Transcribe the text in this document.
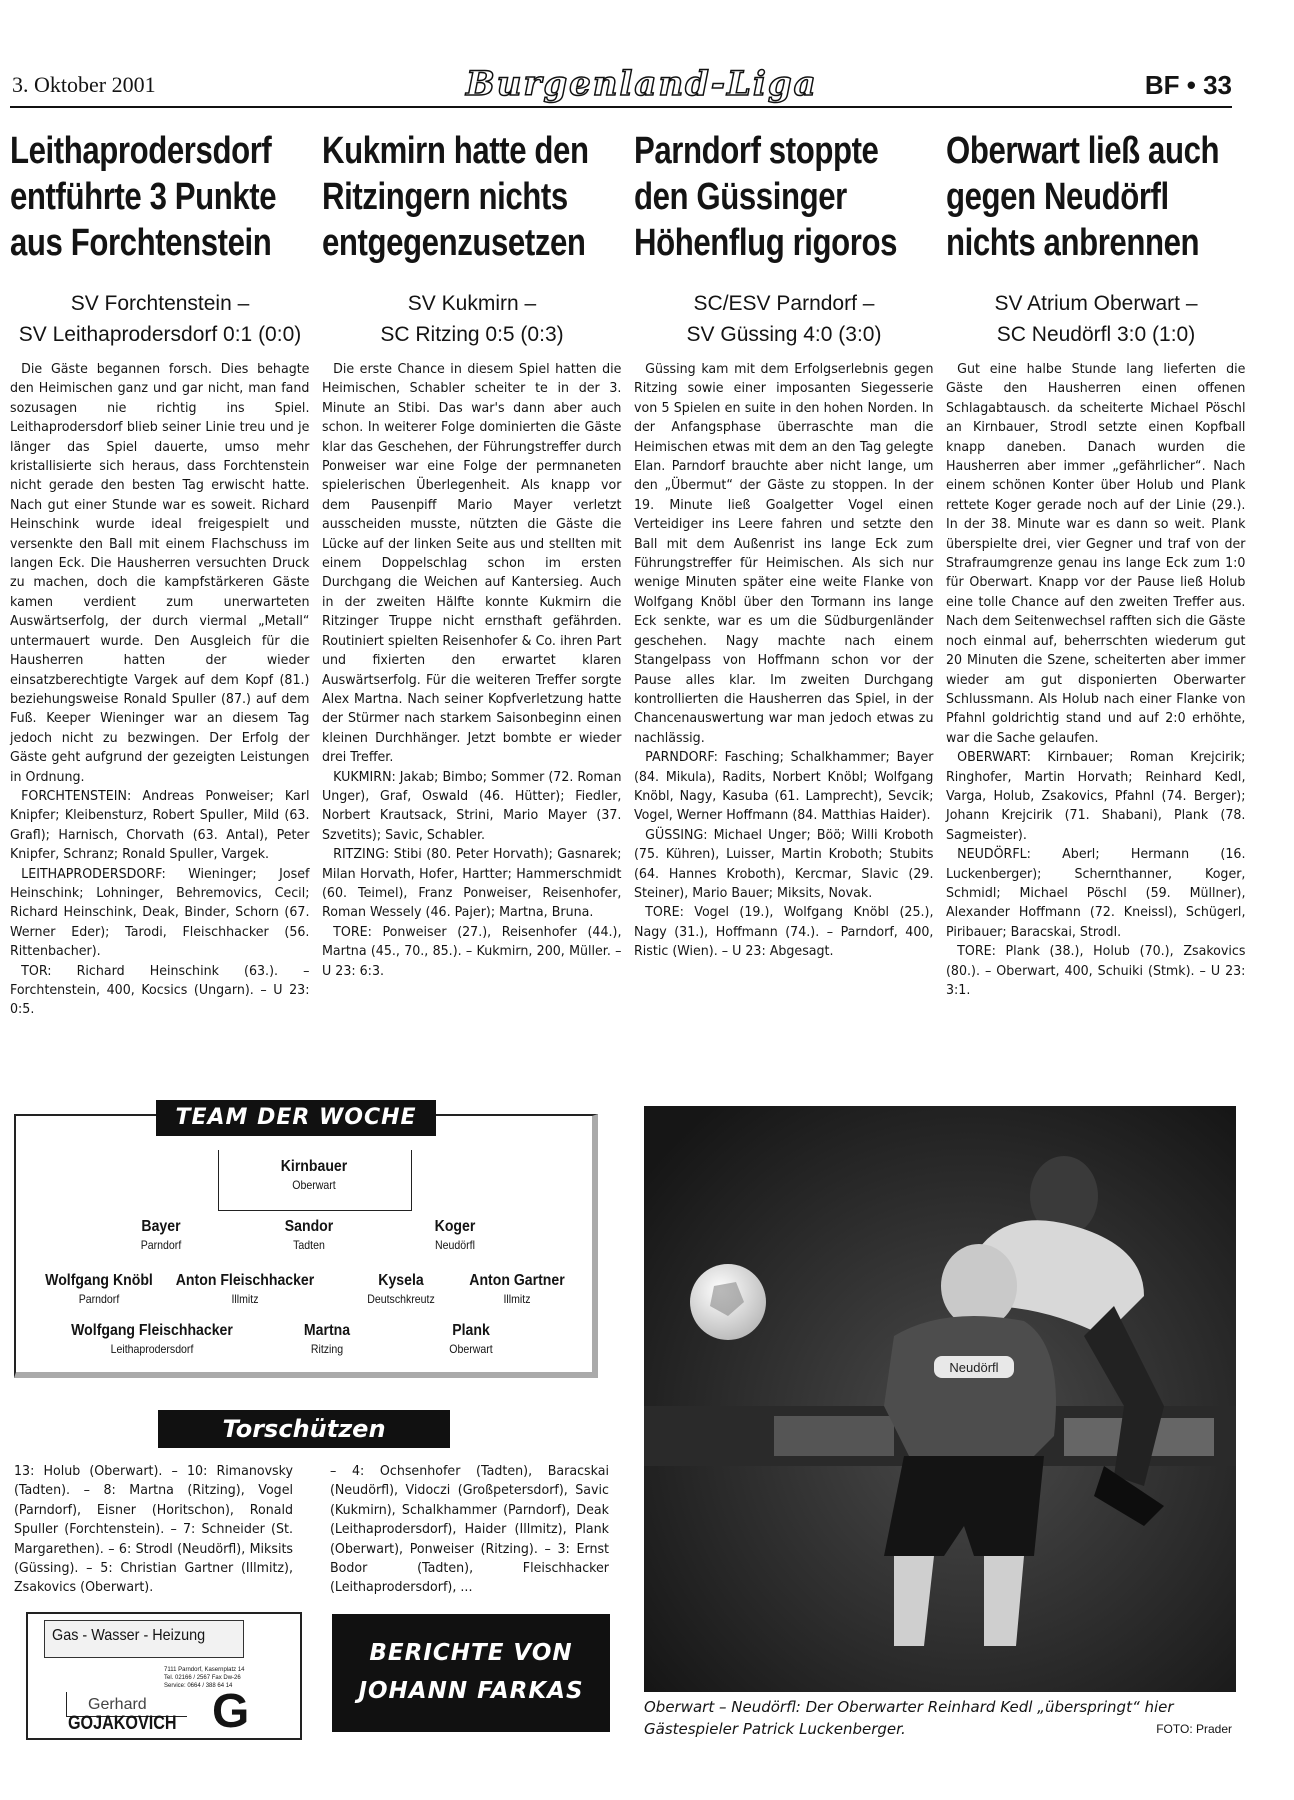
3. Oktober 2001	Burgenland-Liga	BF • 33
Leithaprodersdorf entführte 3 Punkte aus Forchtenstein
SV Forchtenstein –
SV Leithaprodersdorf 0:1 (0:0)

Die Gäste begannen forsch. Dies behagte den Heimischen ganz und gar nicht, man fand sozusagen nie richtig ins Spiel. Leithaprodersdorf blieb seiner Linie treu und je länger das Spiel dauerte, umso mehr kristallisierte sich heraus, dass Forchtenstein nicht gerade den besten Tag erwischt hatte. Nach gut einer Stunde war es soweit. Richard Heinschink wurde ideal freigespielt und versenkte den Ball mit einem Flachschuss im langen Eck. Die Hausherren versuchten Druck zu machen, doch die kampfstärkeren Gäste kamen verdient zum unerwarteten Auswärtserfolg, der durch viermal „Metall“ untermauert wurde. Den Ausgleich für die Hausherren hatten der wieder einsatzberechtigte Vargek auf dem Kopf (81.) beziehungsweise Ronald Spuller (87.) auf dem Fuß. Keeper Wieninger war an diesem Tag jedoch nicht zu bezwingen. Der Erfolg der Gäste geht aufgrund der gezeigten Leistungen in Ordnung.

FORCHTENSTEIN: Andreas Ponweiser; Karl Knipfer; Kleibensturz, Robert Spuller, Mild (63. Grafl); Harnisch, Chorvath (63. Antal), Peter Knipfer, Schranz; Ronald Spuller, Vargek.

LEITHAPRODERSDORF: Wieninger; Josef Heinschink; Lohninger, Behremovics, Cecil; Richard Heinschink, Deak, Binder, Schorn (67. Werner Eder); Tarodi, Fleischhacker (56. Rittenbacher).

TOR: Richard Heinschink (63.). – Forchtenstein, 400, Kocsics (Ungarn). – U 23: 0:5.

Kukmirn hatte den Ritzingern nichts entgegenzusetzen
SV Kukmirn –
SC Ritzing 0:5 (0:3)

Die erste Chance in diesem Spiel hatten die Heimischen, Schabler scheiter te in der 3. Minute an Stibi. Das war's dann aber auch schon. In weiterer Folge dominierten die Gäste klar das Geschehen, der Führungstreffer durch Ponweiser war eine Folge der permnaneten spielerischen Überlegenheit. Als knapp vor dem Pausenpiff Mario Mayer verletzt ausscheiden musste, nützten die Gäste die Lücke auf der linken Seite aus und stellten mit einem Doppelschlag schon im ersten Durchgang die Weichen auf Kantersieg. Auch in der zweiten Hälfte konnte Kukmirn die Ritzinger Truppe nicht ernsthaft gefährden. Routiniert spielten Reisenhofer & Co. ihren Part und fixierten den erwartet klaren Auswärtserfolg. Für die weiteren Treffer sorgte Alex Martna. Nach seiner Kopfverletzung hatte der Stürmer nach starkem Saisonbeginn einen kleinen Durchhänger. Jetzt bombte er wieder drei Treffer.

KUKMIRN: Jakab; Bimbo; Sommer (72. Roman Unger), Graf, Oswald (46. Hütter); Fiedler, Norbert Krautsack, Strini, Mario Mayer (37. Szvetits); Savic, Schabler.

RITZING: Stibi (80. Peter Horvath); Gasnarek; Milan Horvath, Hofer, Hartter; Hammerschmidt (60. Teimel), Franz Ponweiser, Reisenhofer, Roman Wessely (46. Pajer); Martna, Bruna.

TORE: Ponweiser (27.), Reisenhofer (44.), Martna (45., 70., 85.). – Kukmirn, 200, Müller. – U 23: 6:3.

Parndorf stoppte den Güssinger Höhenflug rigoros
SC/ESV Parndorf –
SV Güssing 4:0 (3:0)

Güssing kam mit dem Erfolgserlebnis gegen Ritzing sowie einer imposanten Siegesserie von 5 Spielen en suite in den hohen Norden. In der Anfangsphase überraschte man die Heimischen etwas mit dem an den Tag gelegte Elan. Parndorf brauchte aber nicht lange, um den „Übermut“ der Gäste zu stoppen. In der 19. Minute ließ Goalgetter Vogel einen Verteidiger ins Leere fahren und setzte den Ball mit dem Außenrist ins lange Eck zum Führungstreffer für Heimischen. Als sich nur wenige Minuten später eine weite Flanke von Wolfgang Knöbl über den Tormann ins lange Eck senkte, war es um die Südburgenländer geschehen. Nagy machte nach einem Stangelpass von Hoffmann schon vor der Pause alles klar. Im zweiten Durchgang kontrollierten die Hausherren das Spiel, in der Chancenauswertung war man jedoch etwas zu nachlässig.

PARNDORF: Fasching; Schalkhammer; Bayer (84. Mikula), Radits, Norbert Knöbl; Wolfgang Knöbl, Nagy, Kasuba (61. Lamprecht), Sevcik; Vogel, Werner Hoffmann (84. Matthias Haider).

GÜSSING: Michael Unger; Böö; Willi Kroboth (75. Kühren), Luisser, Martin Kroboth; Stubits (64. Hannes Kroboth), Kercmar, Slavic (29. Steiner), Mario Bauer; Miksits, Novak.

TORE: Vogel (19.), Wolfgang Knöbl (25.), Nagy (31.), Hoffmann (74.). – Parndorf, 400, Ristic (Wien). – U 23: Abgesagt.

Oberwart ließ auch gegen Neudörfl nichts anbrennen
SV Atrium Oberwart –
SC Neudörfl 3:0 (1:0)

Gut eine halbe Stunde lang lieferten die Gäste den Hausherren einen offenen Schlagabtausch. da scheiterte Michael Pöschl an Kirnbauer, Strodl setzte einen Kopfball knapp daneben. Danach wurden die Hausherren aber immer „gefährlicher“. Nach einem schönen Konter über Holub und Plank rettete Koger gerade noch auf der Linie (29.). In der 38. Minute war es dann so weit. Plank überspielte drei, vier Gegner und traf von der Strafraumgrenze genau ins lange Eck zum 1:0 für Oberwart. Knapp vor der Pause ließ Holub eine tolle Chance auf den zweiten Treffer aus. Nach dem Seitenwechsel rafften sich die Gäste noch einmal auf, beherrschten wiederum gut 20 Minuten die Szene, scheiterten aber immer wieder am gut disponierten Oberwarter Schlussmann. Als Holub nach einer Flanke von Pfahnl goldrichtig stand und auf 2:0 erhöhte, war die Sache gelaufen.

OBERWART: Kirnbauer; Roman Krejcirik; Ringhofer, Martin Horvath; Reinhard Kedl, Varga, Holub, Zsakovics, Pfahnl (74. Berger); Johann Krejcirik (71. Shabani), Plank (78. Sagmeister).

NEUDÖRFL: Aberl; Hermann (16. Luckenberger); Schernthanner, Koger, Schmidl; Michael Pöschl (59. Müllner), Alexander Hoffmann (72. Kneissl), Schügerl, Piribauer; Baracskai, Strodl.

TORE: Plank (38.), Holub (70.), Zsakovics (80.). – Oberwart, 400, Schuiki (Stmk). – U 23: 3:1.

TEAM DER WOCHE
Kirnbauer
Oberwart
Bayer
Parndorf
Sandor
Tadten
Koger
Neudörfl
Wolfgang Knöbl
Parndorf
Anton Fleischhacker
Illmitz
Kysela
Deutschkreutz
Anton Gartner
Illmitz
Wolfgang Fleischhacker
Leithaprodersdorf
Martna
Ritzing
Plank
Oberwart
Torschützen
13: Holub (Oberwart). – 10: Rimanovsky (Tadten). – 8: Martna (Ritzing), Vogel (Parndorf), Eisner (Horitschon), Ronald Spuller (Forchtenstein). – 7: Schneider (St. Margarethen). – 6: Strodl (Neudörfl), Miksits (Güssing). – 5: Christian Gartner (Illmitz), Zsakovics (Oberwart).
– 4: Ochsenhofer (Tadten), Baracskai (Neudörfl), Vidoczi (Großpetersdorf), Savic (Kukmirn), Schalkhammer (Parndorf), Deak (Leithaprodersdorf), Haider (Illmitz), Plank (Oberwart), Ponweiser (Ritzing). – 3: Ernst Bodor (Tadten), Fleischhacker (Leithaprodersdorf), ...
Gas - Wasser - Heizung
7111 Parndorf, Kasernplatz 14
Tel. 02166 / 2567 Fax Dw-26
Service: 0664 / 388 64 14
Gerhard
GOJAKOVICH G
BERICHTE VON
JOHANN FARKAS
Neudörfl
Oberwart – Neudörfl: Der Oberwarter Reinhard Kedl „überspringt“ hier Gästespieler Patrick Luckenberger.	FOTO: Prader
